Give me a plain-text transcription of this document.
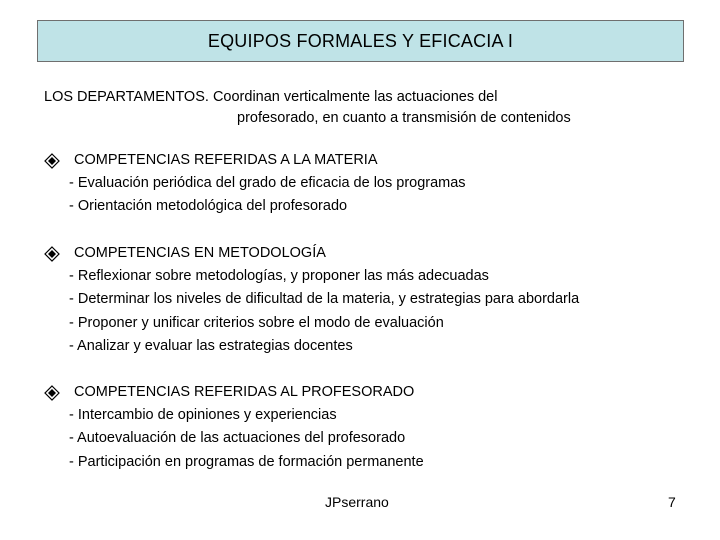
EQUIPOS FORMALES Y EFICACIA I
LOS DEPARTAMENTOS. Coordinan verticalmente las actuaciones del
profesorado, en cuanto a transmisión de contenidos
COMPETENCIAS REFERIDAS A LA MATERIA
- Evaluación periódica del grado de eficacia de los programas
- Orientación metodológica del profesorado
COMPETENCIAS EN METODOLOGÍA
- Reflexionar sobre metodologías, y proponer las más adecuadas
- Determinar los niveles de dificultad de la materia, y estrategias para abordarla
- Proponer y unificar criterios sobre el modo de evaluación
- Analizar y evaluar las estrategias docentes
COMPETENCIAS REFERIDAS AL PROFESORADO
- Intercambio de opiniones y experiencias
- Autoevaluación de las actuaciones del profesorado
- Participación en programas de formación permanente
JPserrano	7
